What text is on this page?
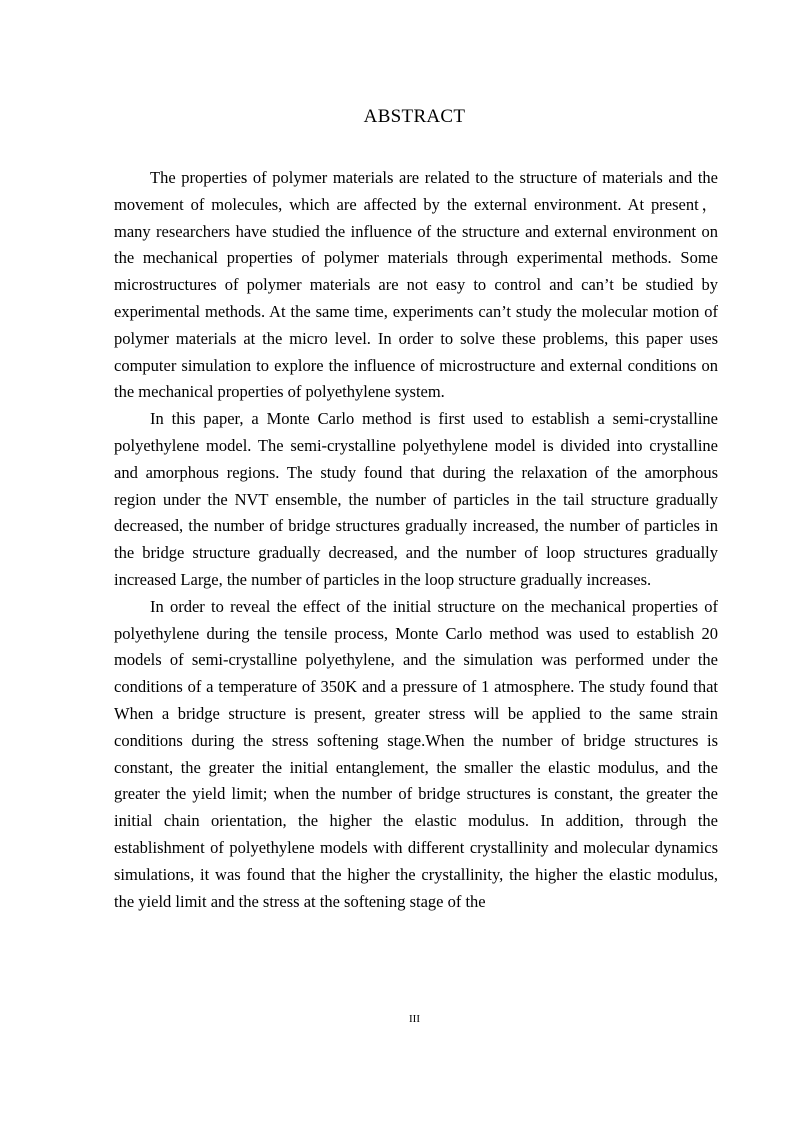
ABSTRACT

The properties of polymer materials are related to the structure of materials and the movement of molecules, which are affected by the external environment. At present， many researchers have studied the influence of the structure and external environment on the mechanical properties of polymer materials through experimental methods. Some microstructures of polymer materials are not easy to control and can’t be studied by experimental methods. At the same time, experiments can’t study the molecular motion of polymer materials at the micro level. In order to solve these problems, this paper uses computer simulation to explore the influence of microstructure and external conditions on the mechanical properties of polyethylene system.

In this paper, a Monte Carlo method is first used to establish a semi-crystalline polyethylene model. The semi-crystalline polyethylene model is divided into crystalline and amorphous regions. The study found that during the relaxation of the amorphous region under the NVT ensemble, the number of particles in the tail structure gradually decreased, the number of bridge structures gradually increased, the number of particles in the bridge structure gradually decreased, and the number of loop structures gradually increased Large, the number of particles in the loop structure gradually increases.

In order to reveal the effect of the initial structure on the mechanical properties of polyethylene during the tensile process, Monte Carlo method was used to establish 20 models of semi-crystalline polyethylene, and the simulation was performed under the conditions of a temperature of 350K and a pressure of 1 atmosphere. The study found that When a bridge structure is present, greater stress will be applied to the same strain conditions during the stress softening stage.When the number of bridge structures is constant, the greater the initial entanglement, the smaller the elastic modulus, and the greater the yield limit; when the number of bridge structures is constant, the greater the initial chain orientation, the higher the elastic modulus. In addition, through the establishment of polyethylene models with different crystallinity and molecular dynamics simulations, it was found that the higher the crystallinity, the higher the elastic modulus, the yield limit and the stress at the softening stage of the

III
